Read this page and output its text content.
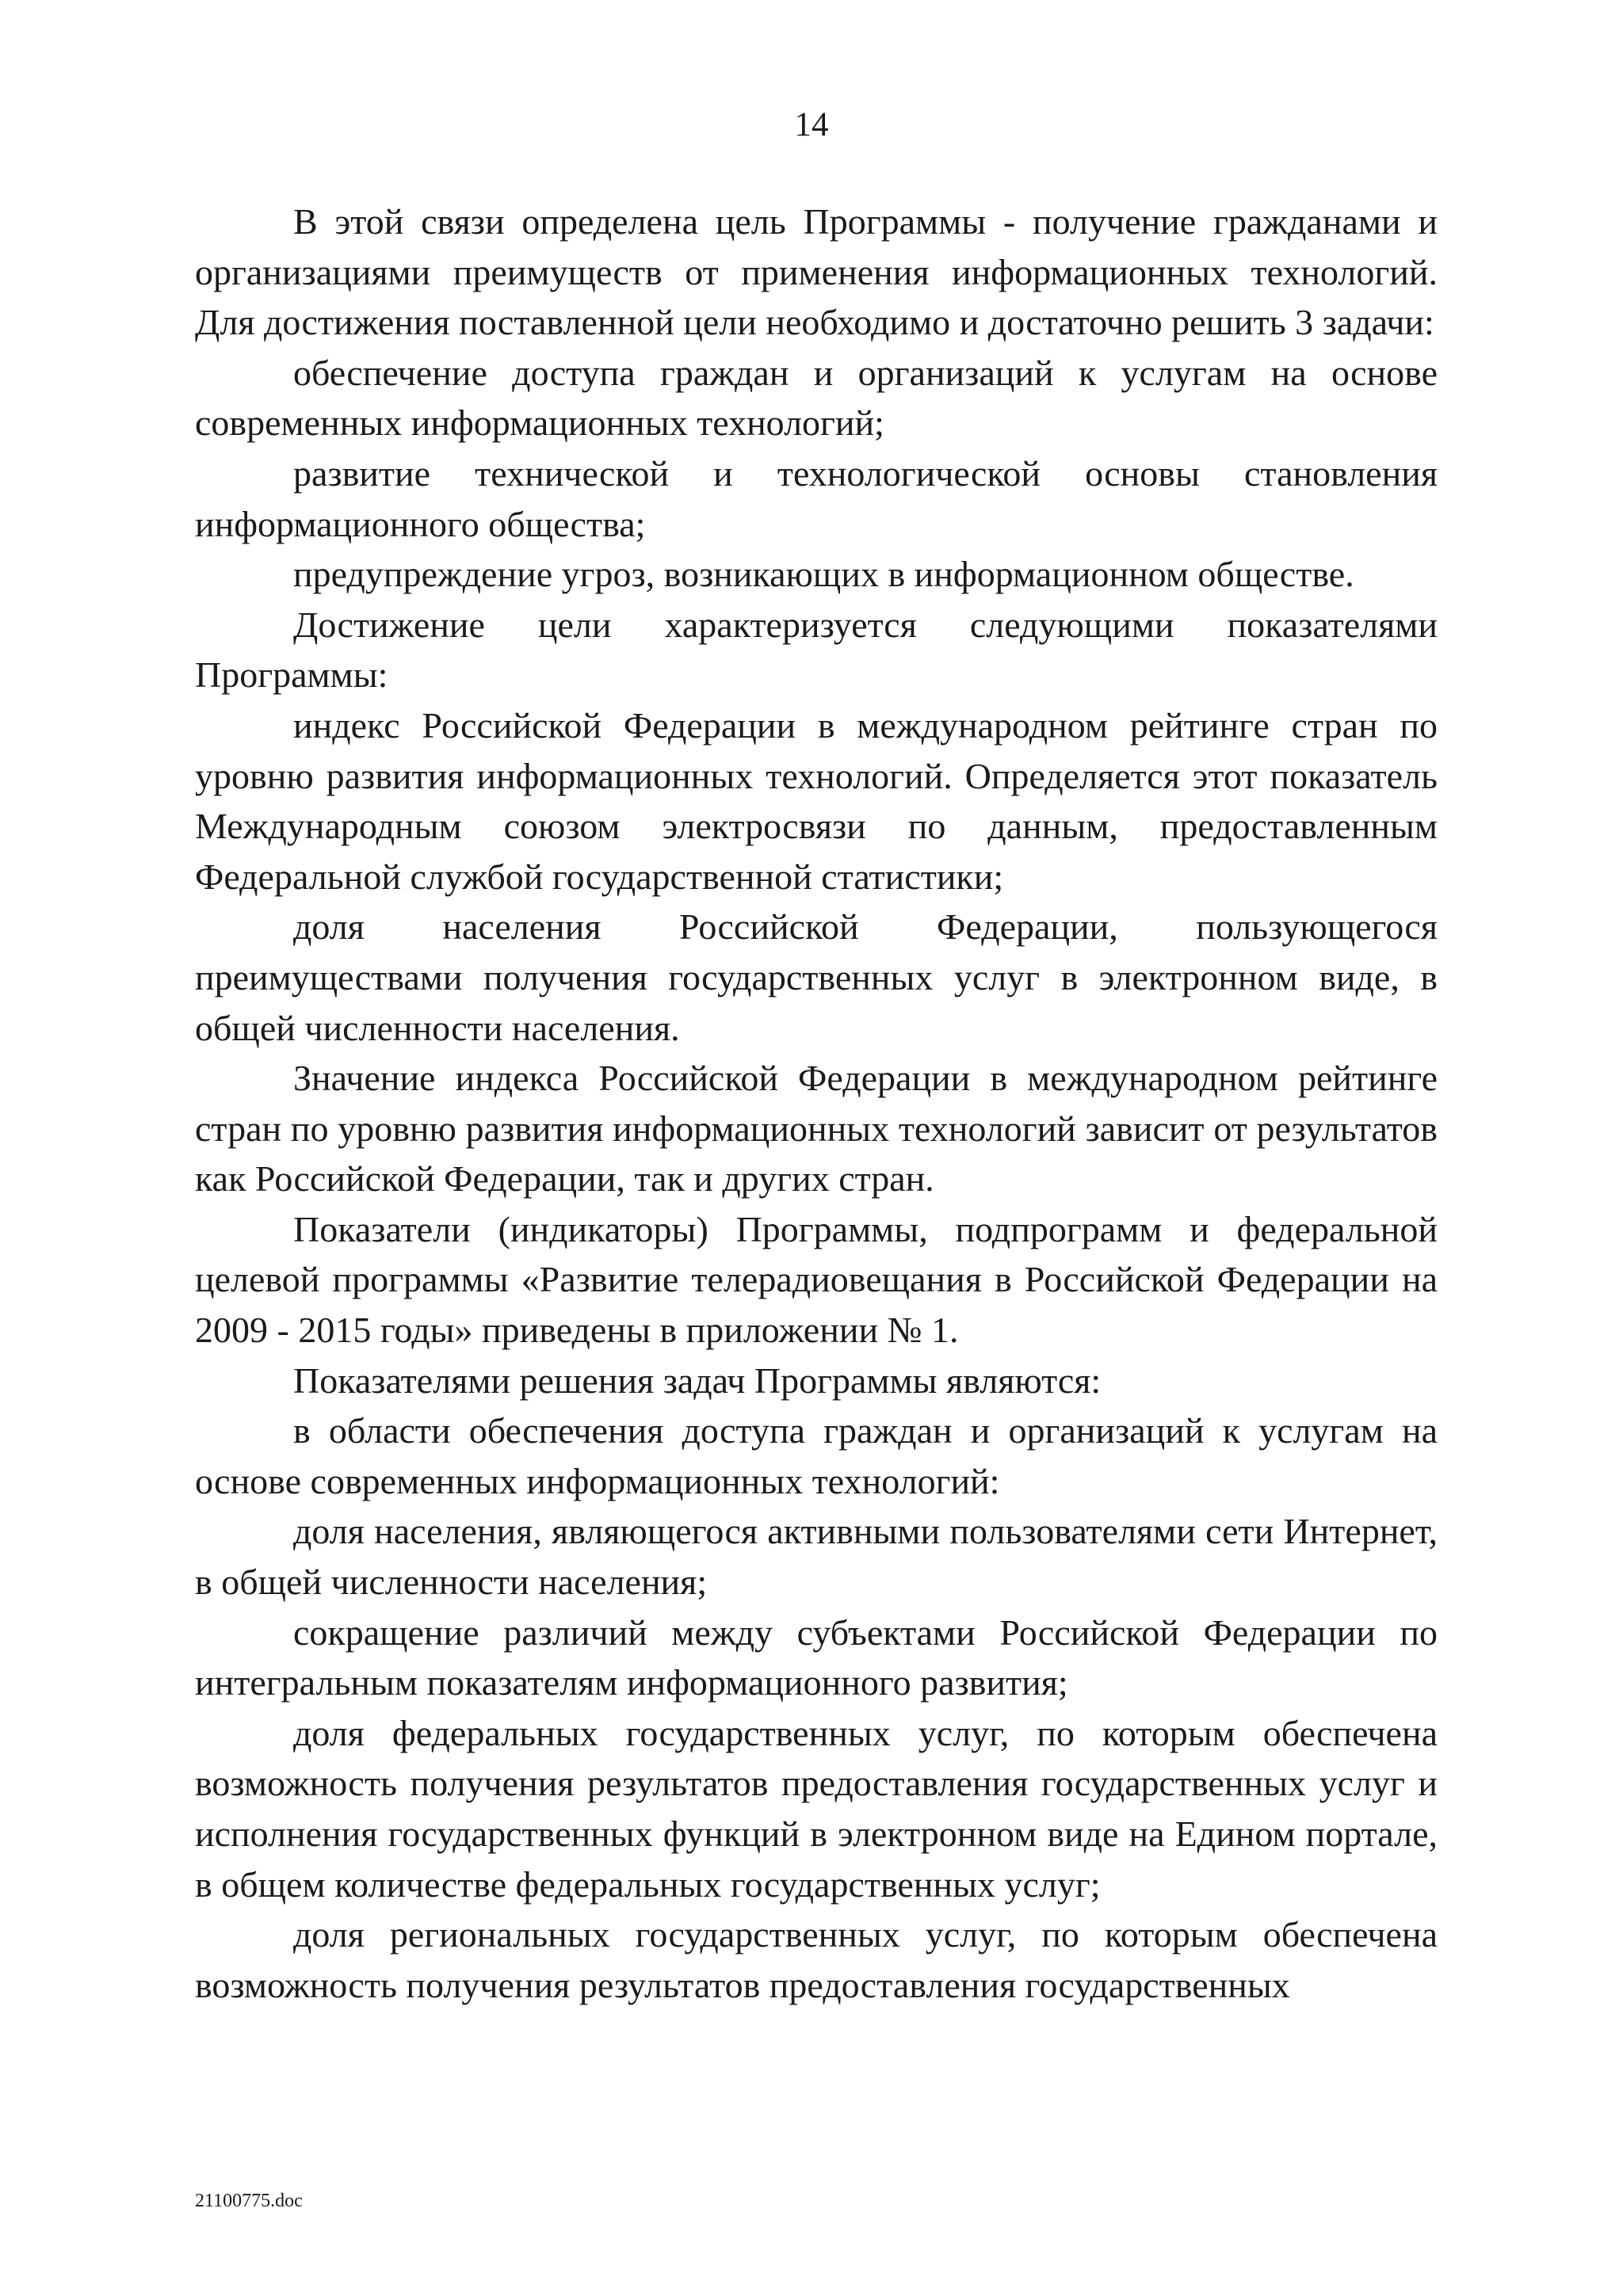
14

В этой связи определена цель Программы - получение гражданами и организациями преимуществ от применения информационных технологий. Для достижения поставленной цели необходимо и достаточно решить 3 задачи:

обеспечение доступа граждан и организаций к услугам на основе современных информационных технологий;

развитие технической и технологической основы становления информационного общества;

предупреждение угроз, возникающих в информационном обществе.

Достижение цели характеризуется следующими показателями Программы:

индекс Российской Федерации в международном рейтинге стран по уровню развития информационных технологий. Определяется этот показатель Международным союзом электросвязи по данным, предоставленным Федеральной службой государственной статистики;

доля населения Российской Федерации, пользующегося преимуществами получения государственных услуг в электронном виде, в общей численности населения.

Значение индекса Российской Федерации в международном рейтинге стран по уровню развития информационных технологий зависит от результатов как Российской Федерации, так и других стран.

Показатели (индикаторы) Программы, подпрограмм и федеральной целевой программы «Развитие телерадиовещания в Российской Федерации на 2009 - 2015 годы» приведены в приложении № 1.

Показателями решения задач Программы являются:

в области обеспечения доступа граждан и организаций к услугам на основе современных информационных технологий:

доля населения, являющегося активными пользователями сети Интернет, в общей численности населения;

сокращение различий между субъектами Российской Федерации по интегральным показателям информационного развития;

доля федеральных государственных услуг, по которым обеспечена возможность получения результатов предоставления государственных услуг и исполнения государственных функций в электронном виде на Едином портале, в общем количестве федеральных государственных услуг;

доля региональных государственных услуг, по которым обеспечена возможность получения результатов предоставления государственных

21100775.doc
